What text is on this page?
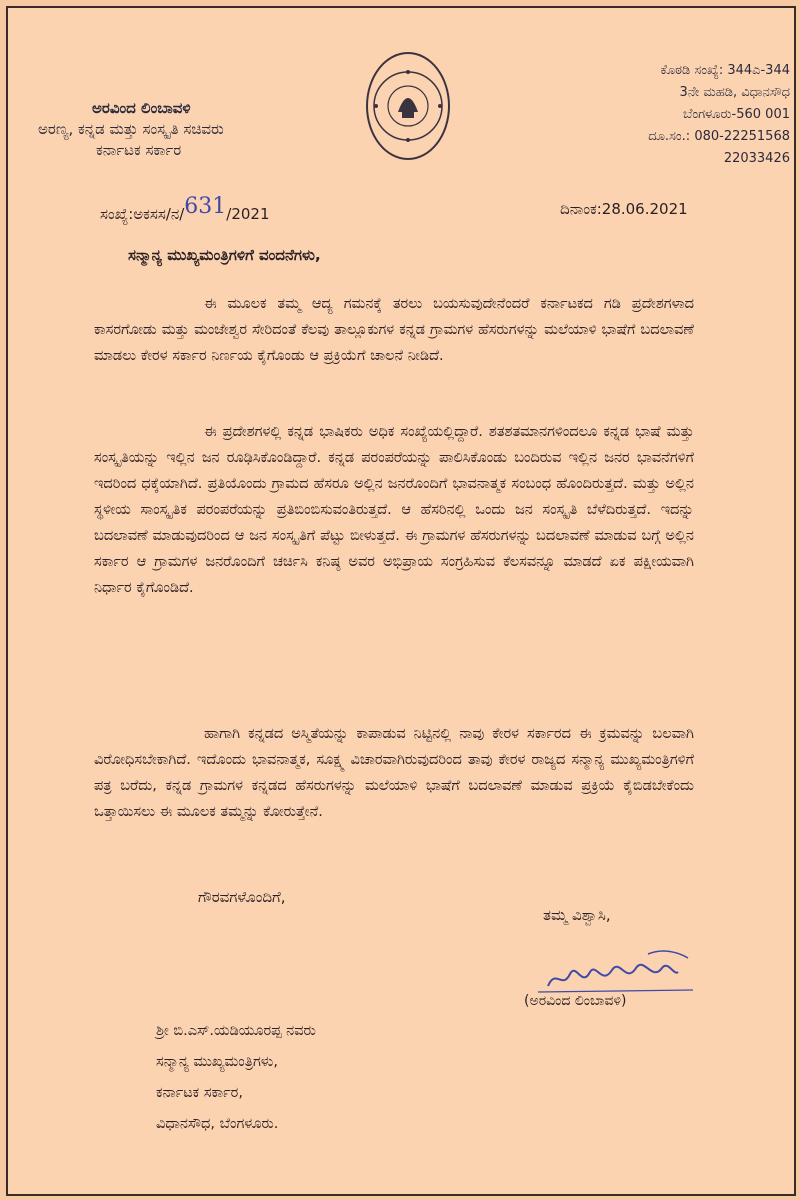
ಅರವಿಂದ ಲಿಂಬಾವಳಿ
ಅರಣ್ಯ, ಕನ್ನಡ ಮತ್ತು ಸಂಸ್ಕೃತಿ ಸಚಿವರು
ಕರ್ನಾಟಕ ಸರ್ಕಾರ
ಕೊಠಡಿ ಸಂಖ್ಯೆ: 344ಎ-344
3ನೇ ಮಹಡಿ, ವಿಧಾನಸೌಧ
ಬೆಂಗಳೂರು-560 001
ದೂ.ಸಂ.: 080-22251568
22033426
ಸಂಖ್ಯೆ:ಅಕಸಸ/ನ/631/2021	ದಿನಾಂಕ:28.06.2021
ಸನ್ಮಾನ್ಯ ಮುಖ್ಯಮಂತ್ರಿಗಳಿಗೆ ವಂದನೆಗಳು,
ಈ ಮೂಲಕ ತಮ್ಮ ಆದ್ಯ ಗಮನಕ್ಕೆ ತರಲು ಬಯಸುವುದೇನೆಂದರೆ ಕರ್ನಾಟಕದ ಗಡಿ ಪ್ರದೇಶಗಳಾದ ಕಾಸರಗೋಡು ಮತ್ತು ಮಂಜೇಶ್ವರ ಸೇರಿದಂತೆ ಕೆಲವು ತಾಲ್ಲೂಕುಗಳ ಕನ್ನಡ ಗ್ರಾಮಗಳ ಹೆಸರುಗಳನ್ನು ಮಲೆಯಾಳಿ ಭಾಷೆಗೆ ಬದಲಾವಣೆ ಮಾಡಲು ಕೇರಳ ಸರ್ಕಾರ ನಿರ್ಣಯ ಕೈಗೊಂಡು ಆ ಪ್ರಕ್ರಿಯೆಗೆ ಚಾಲನೆ ನೀಡಿದೆ.
ಈ ಪ್ರದೇಶಗಳಲ್ಲಿ ಕನ್ನಡ ಭಾಷಿಕರು ಅಧಿಕ ಸಂಖ್ಯೆಯಲ್ಲಿದ್ದಾರೆ. ಶತಶತಮಾನಗಳಿಂದಲೂ ಕನ್ನಡ ಭಾಷೆ ಮತ್ತು ಸಂಸ್ಕೃತಿಯನ್ನು ಇಲ್ಲಿನ ಜನ ರೂಢಿಸಿಕೊಂಡಿದ್ದಾರೆ. ಕನ್ನಡ ಪರಂಪರೆಯನ್ನು ಪಾಲಿಸಿಕೊಂಡು ಬಂದಿರುವ ಇಲ್ಲಿನ ಜನರ ಭಾವನೆಗಳಿಗೆ ಇದರಿಂದ ಧಕ್ಕೆಯಾಗಿದೆ. ಪ್ರತಿಯೊಂದು ಗ್ರಾಮದ ಹೆಸರೂ ಅಲ್ಲಿನ ಜನರೊಂದಿಗೆ ಭಾವನಾತ್ಮಕ ಸಂಬಂಧ ಹೊಂದಿರುತ್ತದೆ. ಮತ್ತು ಅಲ್ಲಿನ ಸ್ಥಳೀಯ ಸಾಂಸ್ಕೃತಿಕ ಪರಂಪರೆಯನ್ನು ಪ್ರತಿಬಿಂಬಿಸುವಂತಿರುತ್ತದೆ. ಆ ಹೆಸರಿನಲ್ಲಿ ಒಂದು ಜನ ಸಂಸ್ಕೃತಿ ಬೆಳೆದಿರುತ್ತದೆ. ಇದನ್ನು ಬದಲಾವಣೆ ಮಾಡುವುದರಿಂದ ಆ ಜನ ಸಂಸ್ಕೃತಿಗೆ ಪೆಟ್ಟು ಬೀಳುತ್ತದೆ. ಈ ಗ್ರಾಮಗಳ ಹೆಸರುಗಳನ್ನು ಬದಲಾವಣೆ ಮಾಡುವ ಬಗ್ಗೆ ಅಲ್ಲಿನ ಸರ್ಕಾರ ಆ ಗ್ರಾಮಗಳ ಜನರೊಂದಿಗೆ ಚರ್ಚಿಸಿ ಕನಿಷ್ಠ ಅವರ ಅಭಿಪ್ರಾಯ ಸಂಗ್ರಹಿಸುವ ಕೆಲಸವನ್ನೂ ಮಾಡದೆ ಏಕ ಪಕ್ಷೀಯವಾಗಿ ನಿರ್ಧಾರ ಕೈಗೊಂಡಿದೆ.
ಹಾಗಾಗಿ ಕನ್ನಡದ ಅಸ್ಮಿತೆಯನ್ನು ಕಾಪಾಡುವ ನಿಟ್ಟಿನಲ್ಲಿ ನಾವು ಕೇರಳ ಸರ್ಕಾರದ ಈ ಕ್ರಮವನ್ನು ಬಲವಾಗಿ ವಿರೋಧಿಸಬೇಕಾಗಿದೆ. ಇದೊಂದು ಭಾವನಾತ್ಮಕ, ಸೂಕ್ಷ್ಮ ವಿಚಾರವಾಗಿರುವುದರಿಂದ ತಾವು ಕೇರಳ ರಾಜ್ಯದ ಸನ್ಮಾನ್ಯ ಮುಖ್ಯಮಂತ್ರಿಗಳಿಗೆ ಪತ್ರ ಬರೆದು, ಕನ್ನಡ ಗ್ರಾಮಗಳ ಕನ್ನಡದ ಹೆಸರುಗಳನ್ನು ಮಲೆಯಾಳಿ ಭಾಷೆಗೆ ಬದಲಾವಣೆ ಮಾಡುವ ಪ್ರಕ್ರಿಯೆ ಕೈಬಿಡಬೇಕೆಂದು ಒತ್ತಾಯಿಸಲು ಈ ಮೂಲಕ ತಮ್ಮನ್ನು ಕೋರುತ್ತೇನೆ.
ಗೌರವಗಳೊಂದಿಗೆ,
ತಮ್ಮ ವಿಶ್ವಾಸಿ,
(ಅರವಿಂದ ಲಿಂಬಾವಳಿ)
ಶ್ರೀ ಬಿ.ಎಸ್.ಯಡಿಯೂರಪ್ಪ ನವರು
ಸನ್ಮಾನ್ಯ ಮುಖ್ಯಮಂತ್ರಿಗಳು,
ಕರ್ನಾಟಕ ಸರ್ಕಾರ,
ವಿಧಾನಸೌಧ, ಬೆಂಗಳೂರು.
